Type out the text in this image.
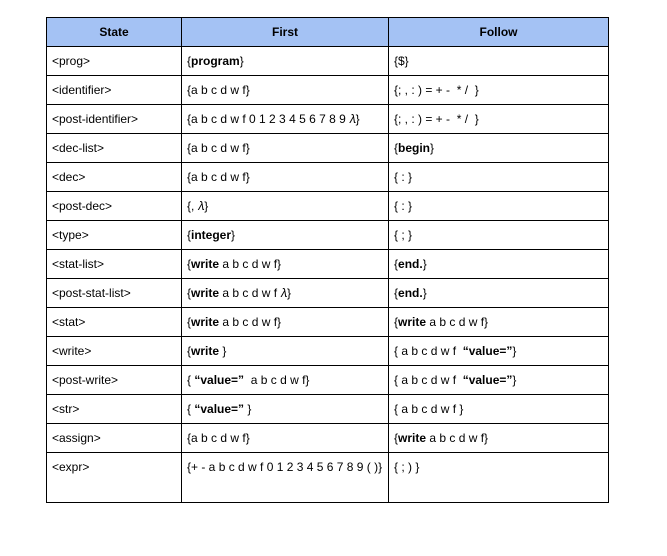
State	First	Follow
<prog>	{program}	{$}
<identifier>	{a b c d w f}	{; , : ) = + -  * /  }
<post-identifier>	{a b c d w f 0 1 2 3 4 5 6 7 8 9 𝜆}	{; , : ) = + -  * /  }
<dec-list>	{a b c d w f}	{begin}
<dec>	{a b c d w f}	{ : }
<post-dec>	{, 𝜆}	{ : }
<type>	{integer}	{ ; }
<stat-list>	{write a b c d w f}	{end.}
<post-stat-list>	{write a b c d w f 𝜆}	{end.}
<stat>	{write a b c d w f}	{write a b c d w f}
<write>	{write }	{ a b c d w f  “value=”}
<post-write>	{ “value=”  a b c d w f}	{ a b c d w f  “value=”}
<str>	{ “value=” }	{ a b c d w f }
<assign>	{a b c d w f}	{write a b c d w f}
<expr>	{+ - a b c d w f 0 1 2 3 4 5 6 7 8 9 ( )}	{ ; ) }
